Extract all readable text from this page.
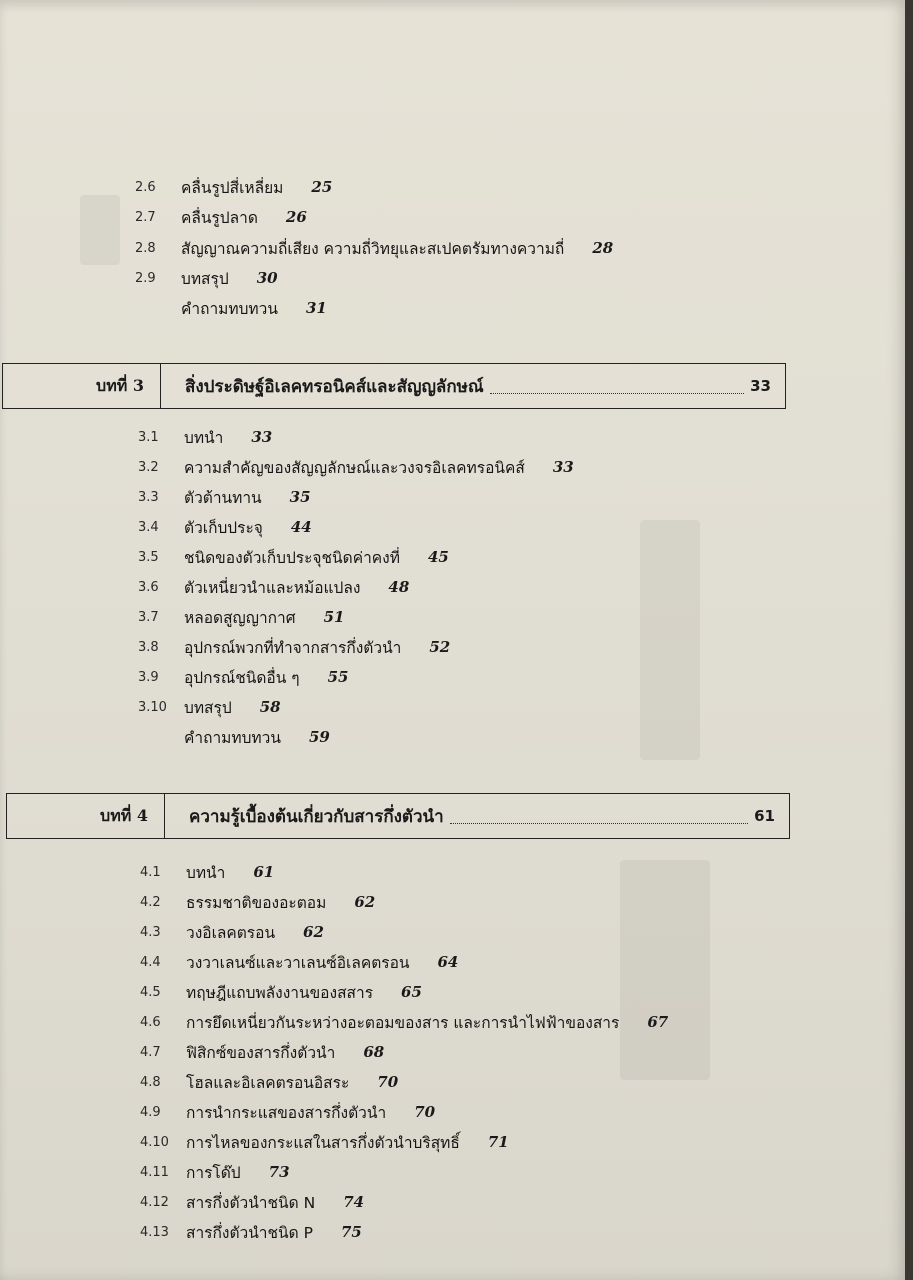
2.6	คลื่นรูปสี่เหลี่ยม 25
2.7	คลื่นรูปลาด 26
2.8	สัญญาณความถี่เสียง ความถี่วิทยุและสเปคตรัมทางความถี่ 28
2.9	บทสรุป 30
คำถามทบทวน 31
บทที่ 3	สิ่งประดิษฐ์อิเลคทรอนิคส์และสัญญลักษณ์	33
3.1	บทนำ 33
3.2	ความสำคัญของสัญญลักษณ์และวงจรอิเลคทรอนิคส์ 33
3.3	ตัวต้านทาน 35
3.4	ตัวเก็บประจุ 44
3.5	ชนิดของตัวเก็บประจุชนิดค่าคงที่ 45
3.6	ตัวเหนี่ยวนำและหม้อแปลง 48
3.7	หลอดสูญญากาศ 51
3.8	อุปกรณ์พวกที่ทำจากสารกึ่งตัวนำ 52
3.9	อุปกรณ์ชนิดอื่น ๆ 55
3.10	บทสรุป 58
คำถามทบทวน 59
บทที่ 4	ความรู้เบื้องต้นเกี่ยวกับสารกึ่งตัวนำ	61
4.1	บทนำ 61
4.2	ธรรมชาติของอะตอม 62
4.3	วงอิเลคตรอน 62
4.4	วงวาเลนซ์และวาเลนซ์อิเลคตรอน 64
4.5	ทฤษฎีแถบพลังงานของสสาร 65
4.6	การยึดเหนี่ยวกันระหว่างอะตอมของสาร และการนำไฟฟ้าของสาร 67
4.7	ฟิสิกซ์ของสารกึ่งตัวนำ 68
4.8	โฮลและอิเลคตรอนอิสระ 70
4.9	การนำกระแสของสารกึ่งตัวนำ 70
4.10	การไหลของกระแสในสารกึ่งตัวนำบริสุทธิ์ 71
4.11	การโด๊ป 73
4.12	สารกึ่งตัวนำชนิด N 74
4.13	สารกึ่งตัวนำชนิด P 75
